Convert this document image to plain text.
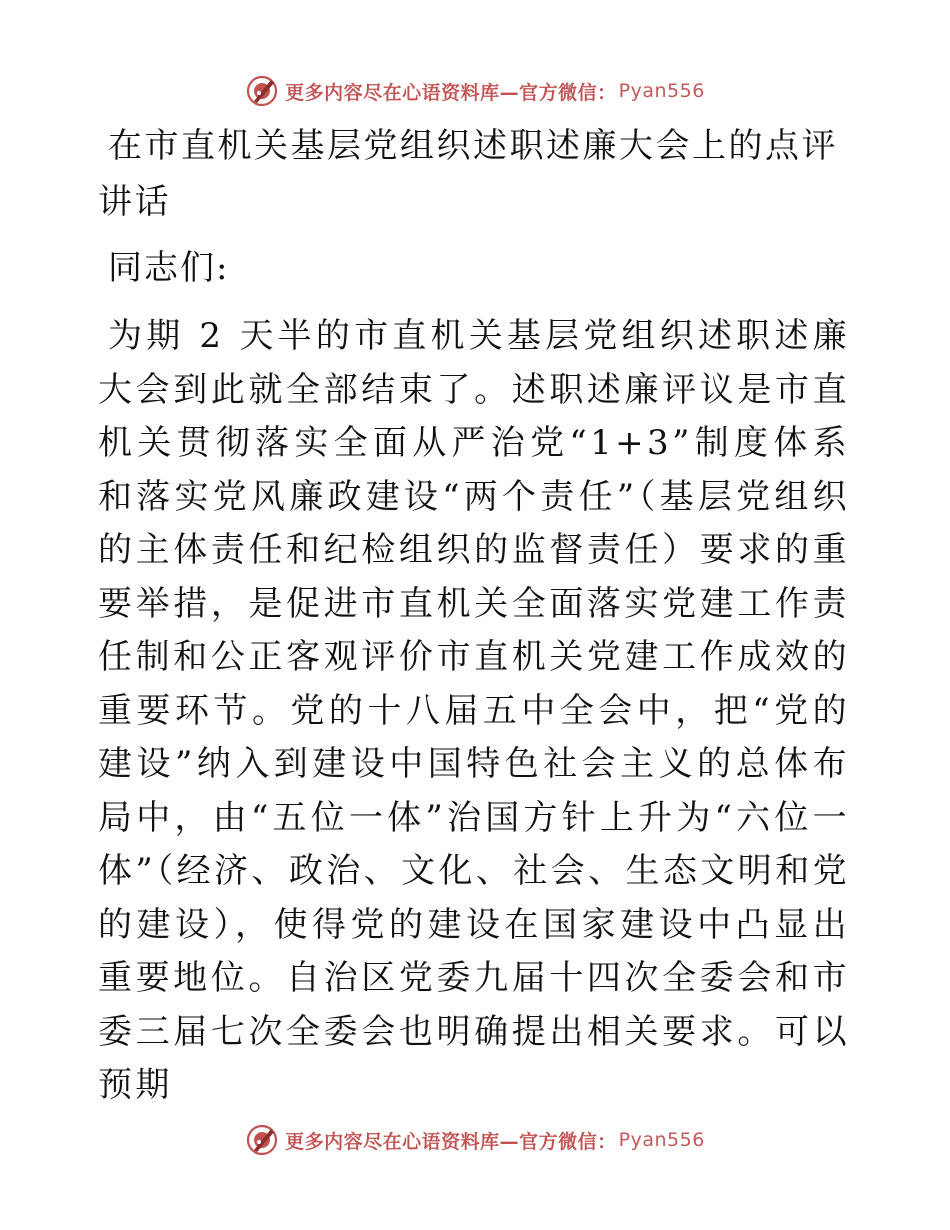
更多内容尽在心语资料库—官方微信： Pyan556
在市直机关基层党组织述职述廉大会上的点评讲话

同志们:

为期 2 天半的市直机关基层党组织述职述廉大会到此就全部结束了。述职述廉评议是市直机关贯彻落实全面从严治党“1+3”制度体系和落实党风廉政建设“两个责任”（基层党组织的主体责任和纪检组织的监督责任）要求的重要举措，是促进市直机关全面落实党建工作责任制和公正客观评价市直机关党建工作成效的重要环节。党的十八届五中全会中，把“党的建设”纳入到建设中国特色社会主义的总体布局中，由“五位一体”治国方针上升为“六位一体”（经济、政治、文化、社会、生态文明和党的建设），使得党的建设在国家建设中凸显出重要地位。自治区党委九届十四次全委会和市委三届七次全委会也明确提出相关要求。可以预期

更多内容尽在心语资料库—官方微信： Pyan556
